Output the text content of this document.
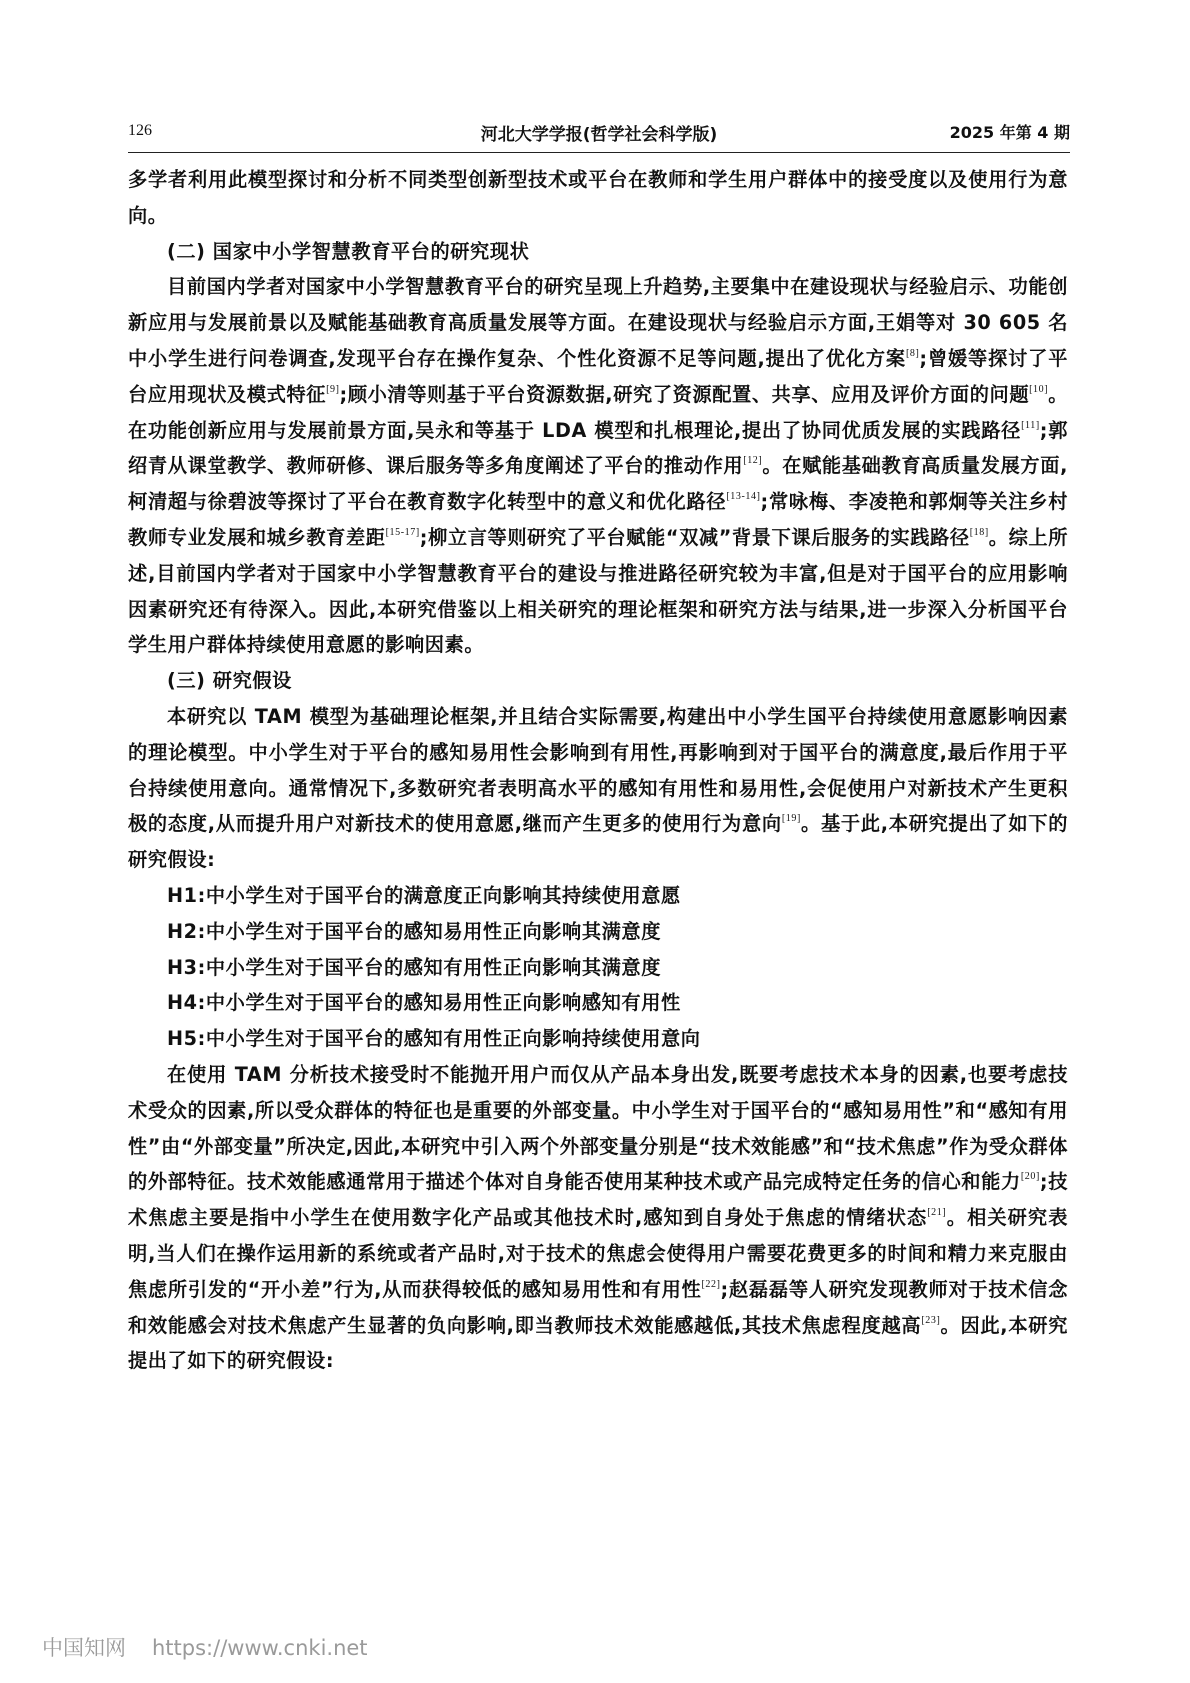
126	河北大学学报(哲学社会科学版)	2025 年第 4 期

多学者利用此模型探讨和分析不同类型创新型技术或平台在教师和学生用户群体中的接受度以及使用行为意向。

(二) 国家中小学智慧教育平台的研究现状

目前国内学者对国家中小学智慧教育平台的研究呈现上升趋势,主要集中在建设现状与经验启示、功能创新应用与发展前景以及赋能基础教育高质量发展等方面。在建设现状与经验启示方面,王娟等对 30 605 名中小学生进行问卷调查,发现平台存在操作复杂、个性化资源不足等问题,提出了优化方案[8];曾媛等探讨了平台应用现状及模式特征[9];顾小清等则基于平台资源数据,研究了资源配置、共享、应用及评价方面的问题[10]。在功能创新应用与发展前景方面,吴永和等基于 LDA 模型和扎根理论,提出了协同优质发展的实践路径[11];郭绍青从课堂教学、教师研修、课后服务等多角度阐述了平台的推动作用[12]。在赋能基础教育高质量发展方面,柯清超与徐碧波等探讨了平台在教育数字化转型中的意义和优化路径[13-14];常咏梅、李凌艳和郭炯等关注乡村教师专业发展和城乡教育差距[15-17];柳立言等则研究了平台赋能“双减”背景下课后服务的实践路径[18]。综上所述,目前国内学者对于国家中小学智慧教育平台的建设与推进路径研究较为丰富,但是对于国平台的应用影响因素研究还有待深入。因此,本研究借鉴以上相关研究的理论框架和研究方法与结果,进一步深入分析国平台学生用户群体持续使用意愿的影响因素。

(三) 研究假设

本研究以 TAM 模型为基础理论框架,并且结合实际需要,构建出中小学生国平台持续使用意愿影响因素的理论模型。中小学生对于平台的感知易用性会影响到有用性,再影响到对于国平台的满意度,最后作用于平台持续使用意向。通常情况下,多数研究者表明高水平的感知有用性和易用性,会促使用户对新技术产生更积极的态度,从而提升用户对新技术的使用意愿,继而产生更多的使用行为意向[19]。基于此,本研究提出了如下的研究假设:

H1:中小学生对于国平台的满意度正向影响其持续使用意愿

H2:中小学生对于国平台的感知易用性正向影响其满意度

H3:中小学生对于国平台的感知有用性正向影响其满意度

H4:中小学生对于国平台的感知易用性正向影响感知有用性

H5:中小学生对于国平台的感知有用性正向影响持续使用意向

在使用 TAM 分析技术接受时不能抛开用户而仅从产品本身出发,既要考虑技术本身的因素,也要考虑技术受众的因素,所以受众群体的特征也是重要的外部变量。中小学生对于国平台的“感知易用性”和“感知有用性”由“外部变量”所决定,因此,本研究中引入两个外部变量分别是“技术效能感”和“技术焦虑”作为受众群体的外部特征。技术效能感通常用于描述个体对自身能否使用某种技术或产品完成特定任务的信心和能力[20];技术焦虑主要是指中小学生在使用数字化产品或其他技术时,感知到自身处于焦虑的情绪状态[21]。相关研究表明,当人们在操作运用新的系统或者产品时,对于技术的焦虑会使得用户需要花费更多的时间和精力来克服由焦虑所引发的“开小差”行为,从而获得较低的感知易用性和有用性[22];赵磊磊等人研究发现教师对于技术信念和效能感会对技术焦虑产生显著的负向影响,即当教师技术效能感越低,其技术焦虑程度越高[23]。因此,本研究提出了如下的研究假设:

中国知网 https://www.cnki.net
